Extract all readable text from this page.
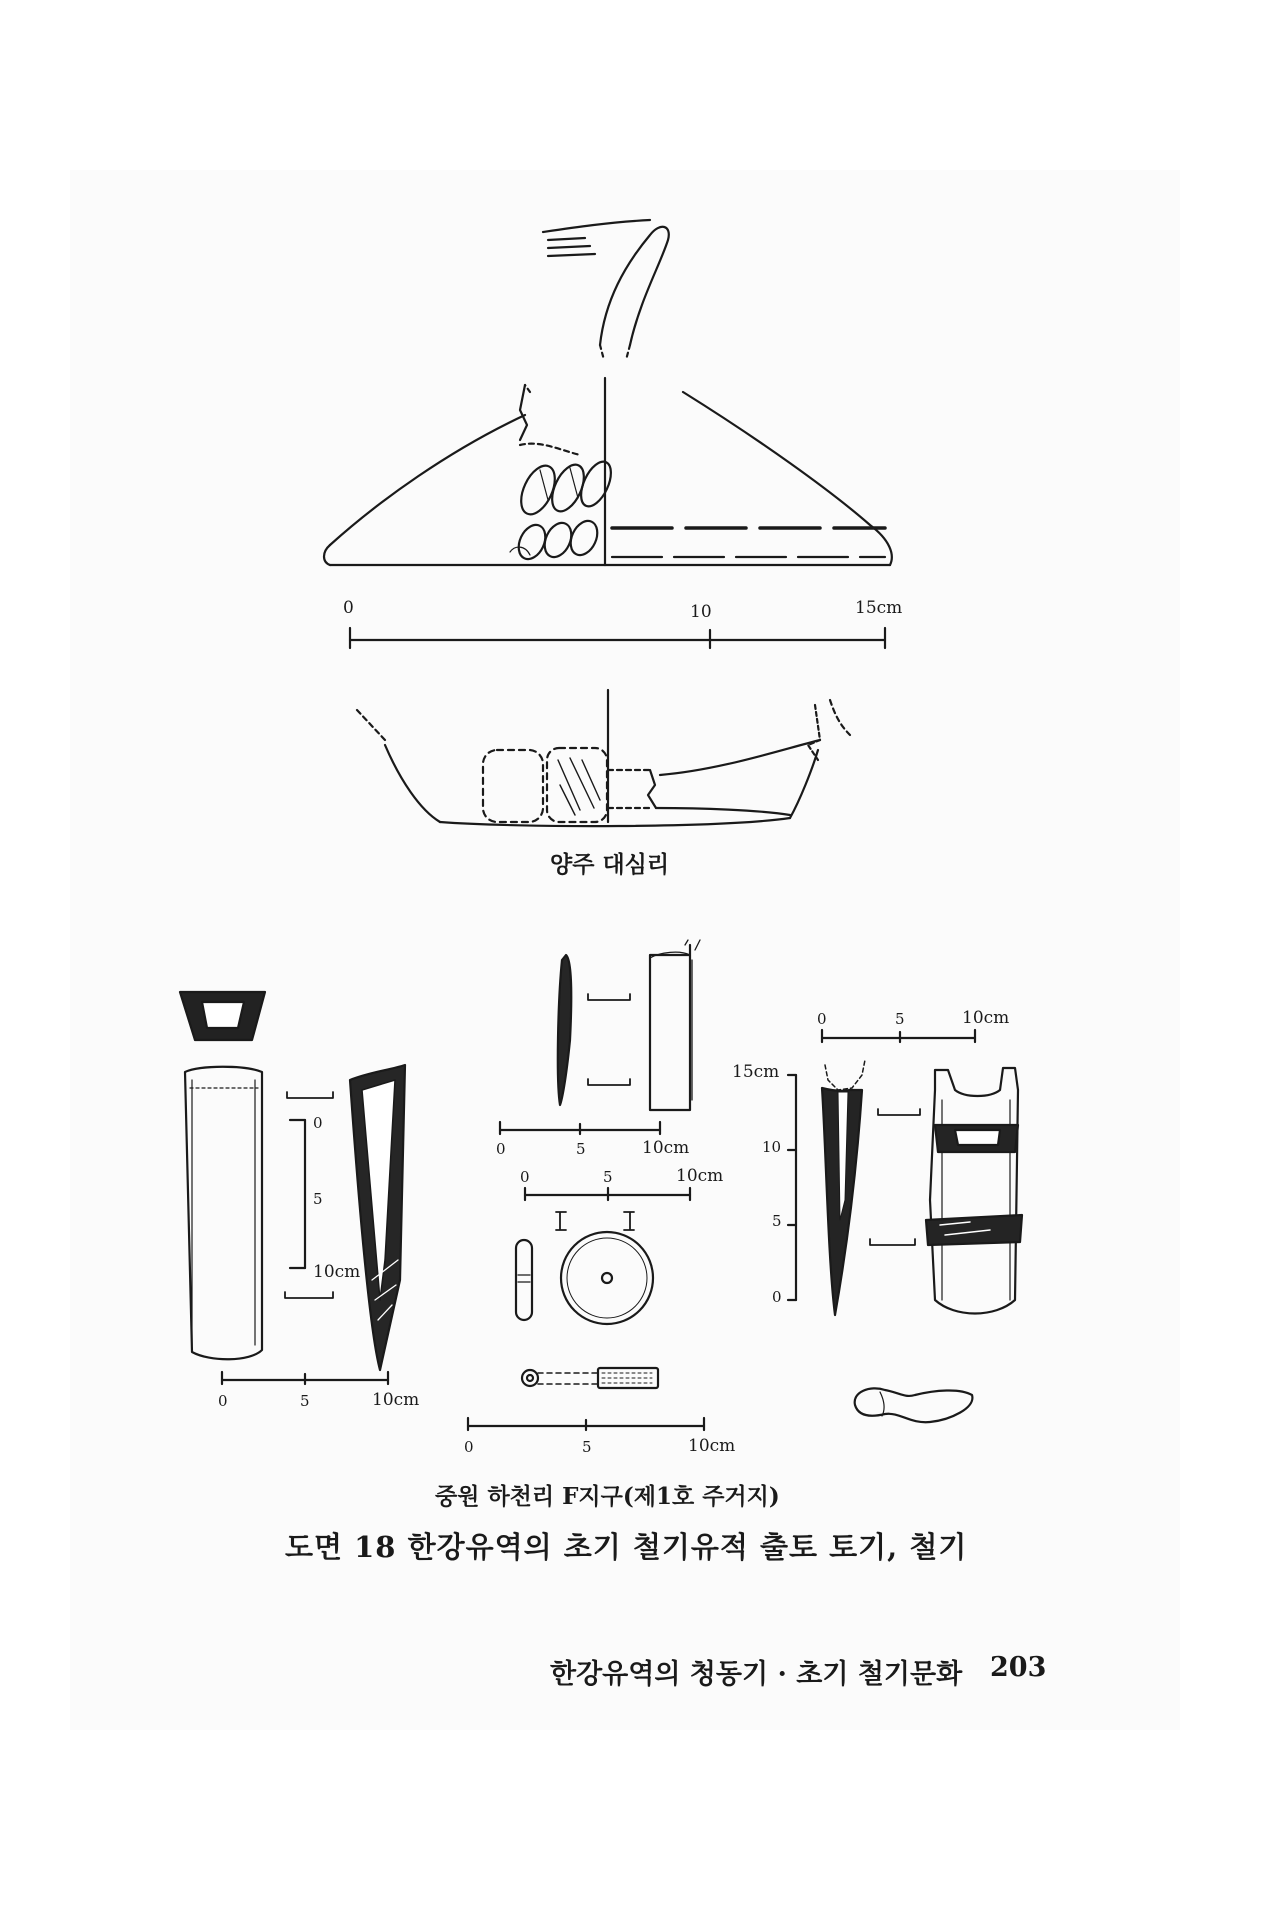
0	10	15cm
양주 대심리
0
5
10cm
0	5	10cm
0	5	10cm
0	5	10cm
0	5	10cm
0	5	10cm
15cm
10
5
0
중원 하천리 F지구(제1호 주거지)
도면 18 한강유역의 초기 철기유적 출토 토기, 철기
한강유역의 청동기 · 초기 철기문화 203
